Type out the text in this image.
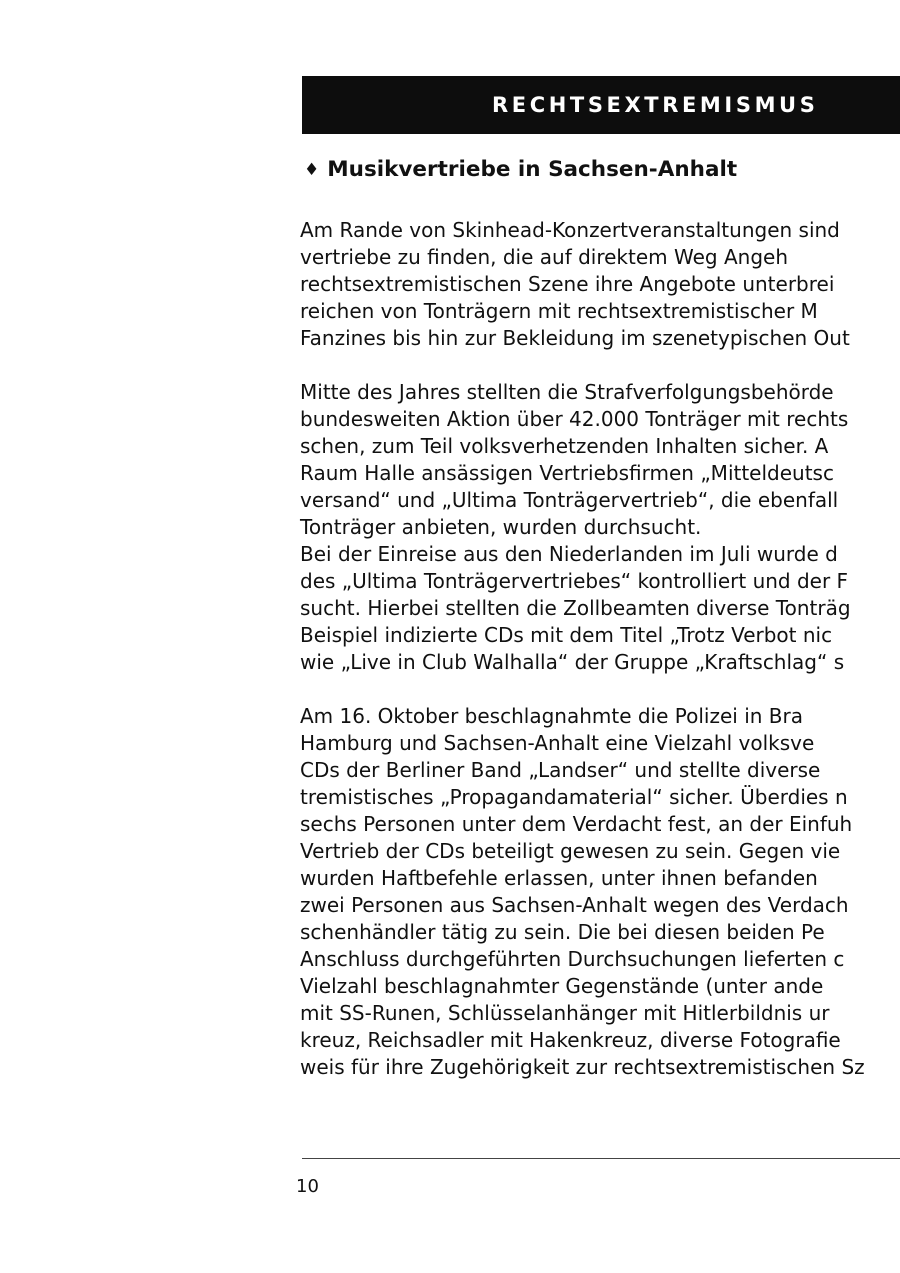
RECHTSEXTREMISMUS
♦ Musikvertriebe in Sachsen-Anhalt
Am Rande von Skinhead-Konzertveranstaltungen sind
vertriebe zu finden, die auf direktem Weg Angeh
rechtsextremistischen Szene ihre Angebote unterbrei
reichen von Tonträgern mit rechtsextremistischer M
Fanzines bis hin zur Bekleidung im szenetypischen Out
Mitte des Jahres stellten die Strafverfolgungsbehörde
bundesweiten Aktion über 42.000 Tonträger mit rechts
schen, zum Teil volksverhetzenden Inhalten sicher. A
Raum Halle ansässigen Vertriebsfirmen „Mitteldeutsc
versand“ und „Ultima Tonträgervertrieb“, die ebenfall
Tonträger anbieten, wurden durchsucht.
Bei der Einreise aus den Niederlanden im Juli wurde d
des „Ultima Tonträgervertriebes“ kontrolliert und der F
sucht. Hierbei stellten die Zollbeamten diverse Tonträg
Beispiel indizierte CDs mit dem Titel „Trotz Verbot nic
wie „Live in Club Walhalla“ der Gruppe „Kraftschlag“ s
Am 16. Oktober beschlagnahmte die Polizei in Bra
Hamburg und Sachsen-Anhalt eine Vielzahl volksve
CDs der Berliner Band „Landser“ und stellte diverse
tremistisches „Propagandamaterial“ sicher. Überdies n
sechs Personen unter dem Verdacht fest, an der Einfuh
Vertrieb der CDs beteiligt gewesen zu sein. Gegen vie
wurden Haftbefehle erlassen, unter ihnen befanden
zwei Personen aus Sachsen-Anhalt wegen des Verdach
schenhändler tätig zu sein. Die bei diesen beiden Pe
Anschluss durchgeführten Durchsuchungen lieferten c
Vielzahl beschlagnahmter Gegenstände (unter ande
mit SS-Runen, Schlüsselanhänger mit Hitlerbildnis ur
kreuz, Reichsadler mit Hakenkreuz, diverse Fotografie
weis für ihre Zugehörigkeit zur rechtsextremistischen Sz
10
